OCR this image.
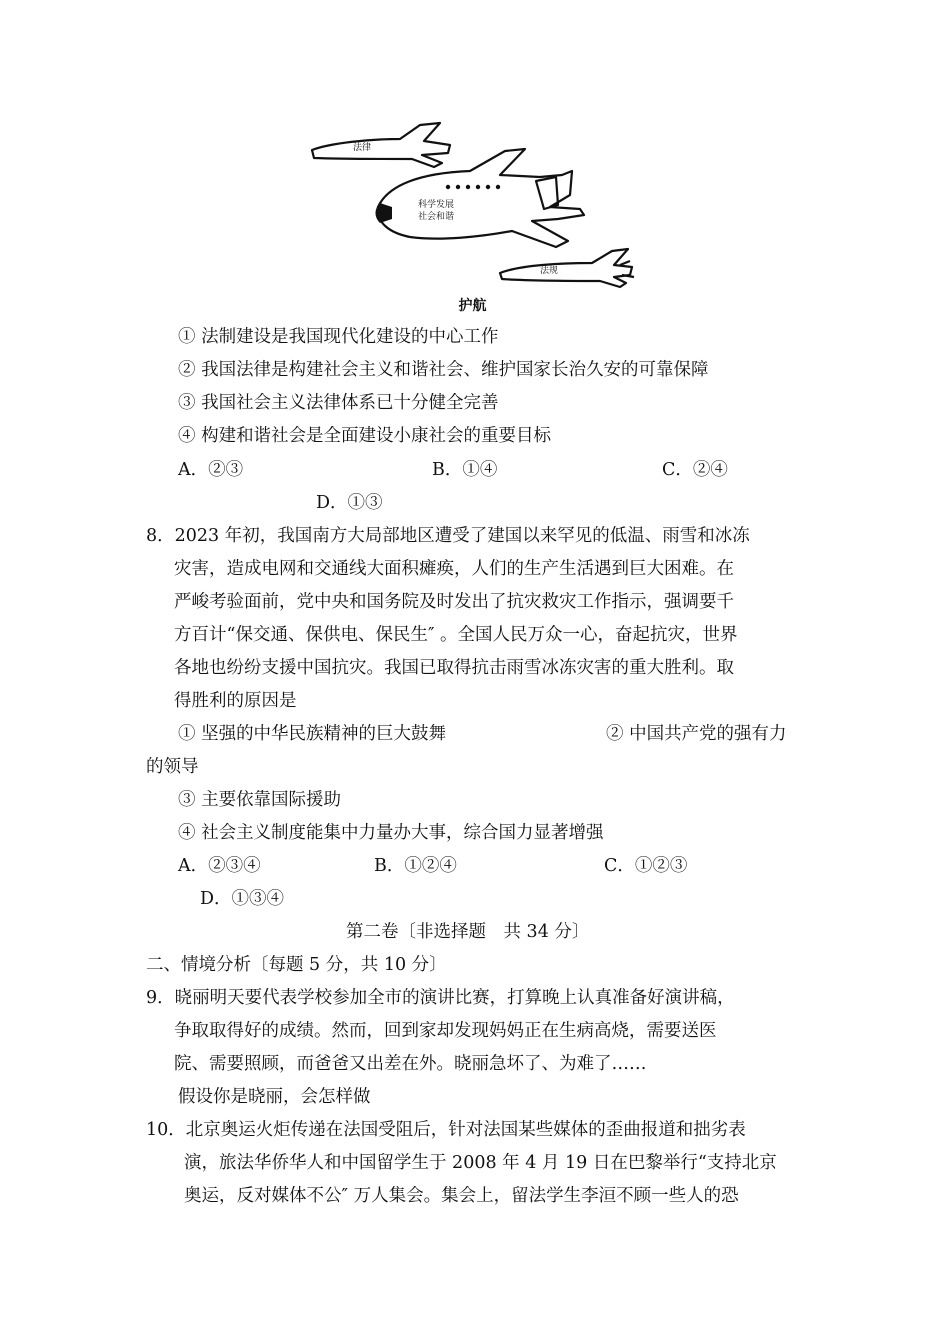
法律
科学发展
社会和谐
法规
护航
① 法制建设是我国现代化建设的中心工作
② 我国法律是构建社会主义和谐社会、维护国家长治久安的可靠保障
③ 我国社会主义法律体系已十分健全完善
④ 构建和谐社会是全面建设小康社会的重要目标
A．②③	B．①④	C．②④
D．①③
8．2023 年初，我国南方大局部地区遭受了建国以来罕见的低温、雨雪和冰冻
灾害，造成电网和交通线大面积瘫痪，人们的生产生活遇到巨大困难。在
严峻考验面前，党中央和国务院及时发出了抗灾救灾工作指示，强调要千
方百计“保交通、保供电、保民生″ 。全国人民万众一心，奋起抗灾，世界
各地也纷纷支援中国抗灾。我国已取得抗击雨雪冰冻灾害的重大胜利。取
得胜利的原因是
① 坚强的中华民族精神的巨大鼓舞	② 中国共产党的强有力
的领导
③ 主要依靠国际援助
④ 社会主义制度能集中力量办大事，综合国力显著增强
A．②③④	B．①②④	C．①②③
D．①③④
第二卷〔非选择题　共 34 分〕
二、情境分析〔每题 5 分，共 10 分〕
9．晓丽明天要代表学校参加全市的演讲比赛，打算晚上认真准备好演讲稿，
争取取得好的成绩。然而，回到家却发现妈妈正在生病高烧，需要送医
院、需要照顾，而爸爸又出差在外。晓丽急坏了、为难了……
假设你是晓丽，会怎样做
10．北京奥运火炬传递在法国受阻后，针对法国某些媒体的歪曲报道和拙劣表
演，旅法华侨华人和中国留学生于 2008 年 4 月 19 日在巴黎举行“支持北京
奥运，反对媒体不公″ 万人集会。集会上，留法学生李洹不顾一些人的恐
